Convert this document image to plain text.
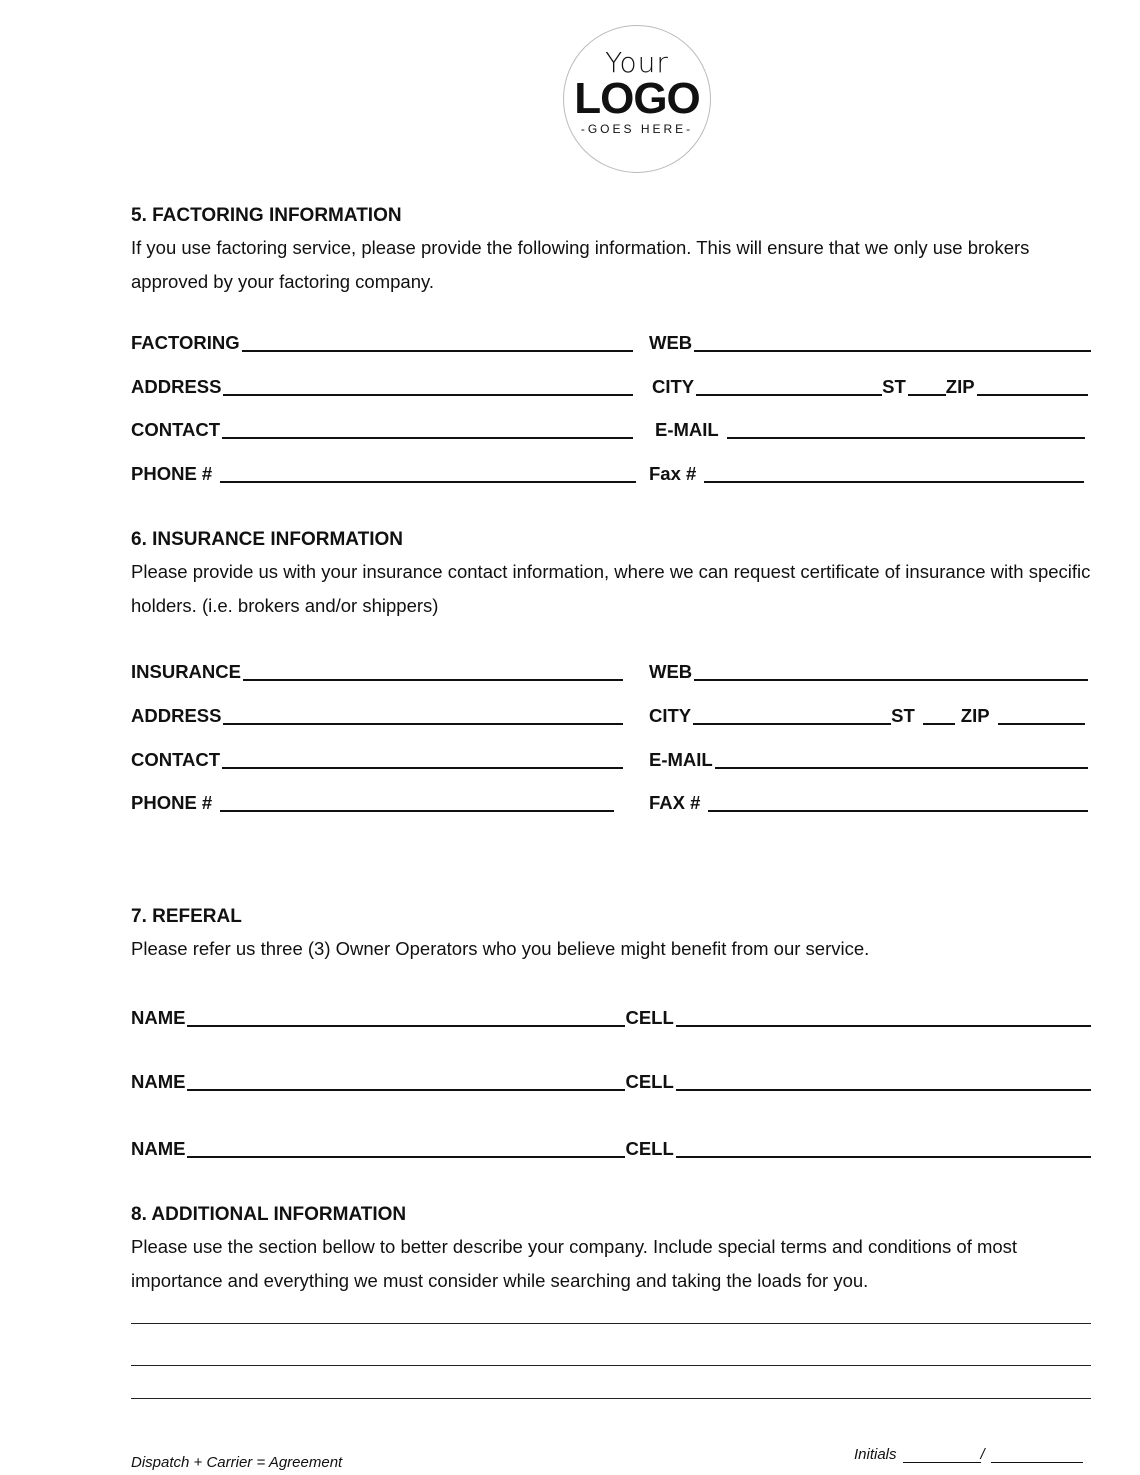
Your
LOGO
-GOES HERE-
5. FACTORING INFORMATION
If you use factoring service, please provide the following information. This will ensure that we only use brokers approved by your factoring company.
FACTORING	WEB
ADDRESS	CITY	ST ZIP
CONTACT	E-MAIL
PHONE #	Fax #
6. INSURANCE INFORMATION
Please provide us with your insurance contact information, where we can request certificate of insurance with specific holders. (i.e. brokers and/or shippers)
INSURANCE	WEB
ADDRESS	CITY	ST ZIP
CONTACT	E-MAIL
PHONE #	FAX #
7. REFERAL
Please refer us three (3) Owner Operators who you believe might benefit from our service.
NAME	CELL
NAME	CELL
NAME	CELL
8. ADDITIONAL INFORMATION
Please use the section bellow to better describe your company. Include special terms and conditions of most importance and everything we must consider while searching and taking the loads for you.
Dispatch + Carrier = Agreement	Initials	/
